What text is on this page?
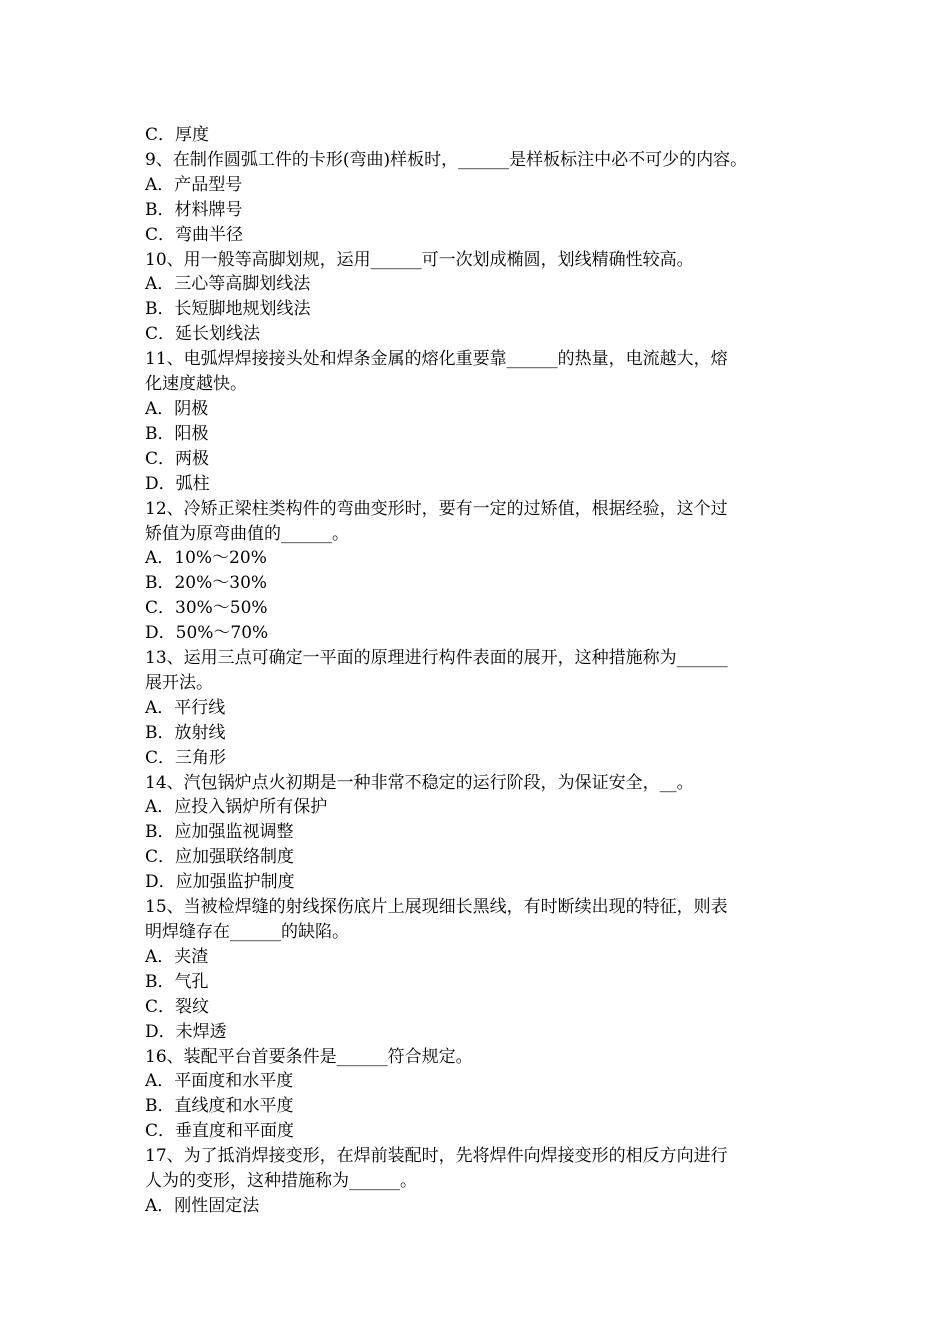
C．厚度
9、在制作圆弧工件的卡形(弯曲)样板时，______是样板标注中必不可少的内容。
A．产品型号
B．材料牌号
C．弯曲半径
10、用一般等高脚划规，运用______可一次划成椭圆，划线精确性较高。
A．三心等高脚划线法
B．长短脚地规划线法
C．延长划线法
11、电弧焊焊接接头处和焊条金属的熔化重要靠______的热量，电流越大，熔
化速度越快。
A．阴极
B．阳极
C．两极
D．弧柱
12、冷矫正梁柱类构件的弯曲变形时，要有一定的过矫值，根据经验，这个过
矫值为原弯曲值的______。
A．10%～20%
B．20%～30%
C．30%～50%
D．50%～70%
13、运用三点可确定一平面的原理进行构件表面的展开，这种措施称为______
展开法。
A．平行线
B．放射线
C．三角形
14、汽包锅炉点火初期是一种非常不稳定的运行阶段，为保证安全，__。
A．应投入锅炉所有保护
B．应加强监视调整
C．应加强联络制度
D．应加强监护制度
15、当被检焊缝的射线探伤底片上展现细长黑线，有时断续出现的特征，则表
明焊缝存在______的缺陷。
A．夹渣
B．气孔
C．裂纹
D．未焊透
16、装配平台首要条件是______符合规定。
A．平面度和水平度
B．直线度和水平度
C．垂直度和平面度
17、为了抵消焊接变形，在焊前装配时，先将焊件向焊接变形的相反方向进行
人为的变形，这种措施称为______。
A．刚性固定法
